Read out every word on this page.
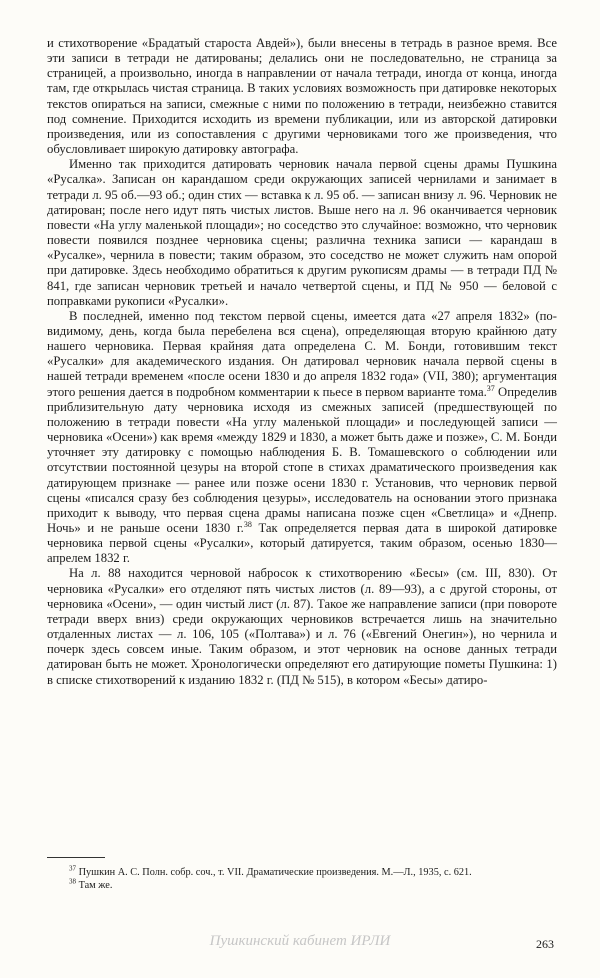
и стихотворение «Брадатый староста Авдей»), были внесены в тетрадь в разное время. Все эти записи в тетради не датированы; делались они не последовательно, не страница за страницей, а произвольно, иногда в направлении от начала тетради, иногда от конца, иногда там, где открылась чистая страница. В таких условиях возможность при датировке некоторых текстов опираться на записи, смежные с ними по положению в тетради, неизбежно ставится под сомнение. Приходится исходить из времени публикации, или из авторской датировки произведения, или из сопоставления с другими черновиками того же произведения, что обусловливает широкую датировку автографа.

Именно так приходится датировать черновик начала первой сцены драмы Пушкина «Русалка». Записан он карандашом среди окружающих записей чернилами и занимает в тетради л. 95 об.—93 об.; один стих — вставка к л. 95 об. — записан внизу л. 96. Черновик не датирован; после него идут пять чистых листов. Выше него на л. 96 оканчивается черновик повести «На углу маленькой площади»; но соседство это случайное: возможно, что черновик повести появился позднее черновика сцены; различна техника записи — карандаш в «Русалке», чернила в повести; таким образом, это соседство не может служить нам опорой при датировке. Здесь необходимо обратиться к другим рукописям драмы — в тетради ПД № 841, где записан черновик третьей и начало четвертой сцены, и ПД № 950 — беловой с поправками рукописи «Русалки».

В последней, именно под текстом первой сцены, имеется дата «27 апреля 1832» (по-видимому, день, когда была перебелена вся сцена), определяющая вторую крайнюю дату нашего черновика. Первая крайняя дата определена С. М. Бонди, готовившим текст «Русалки» для академического издания. Он датировал черновик начала первой сцены в нашей тетради временем «после осени 1830 и до апреля 1832 года» (VII, 380); аргументация этого решения дается в подробном комментарии к пьесе в первом варианте тома.$^{37}$ Определив приблизительную дату черновика исходя из смежных записей (предшествующей по положению в тетради повести «На углу маленькой площади» и последующей записи — черновика «Осени») как время «между 1829 и 1830, а может быть даже и позже», С. М. Бонди уточняет эту датировку с помощью наблюдения Б. В. Томашевского о соблюдении или отсутствии постоянной цезуры на второй стопе в стихах драматического произведения как датирующем признаке — ранее или позже осени 1830 г. Установив, что черновик первой сцены «писался сразу без соблюдения цезуры», исследователь на основании этого признака приходит к выводу, что первая сцена драмы написана позже сцен «Светлица» и «Днепр. Ночь» и не раньше осени 1830 г.$^{38}$ Так определяется первая дата в широкой датировке черновика первой сцены «Русалки», который датируется, таким образом, осенью 1830—апрелем 1832 г.

На л. 88 находится черновой набросок к стихотворению «Бесы» (см. III, 830). От черновика «Русалки» его отделяют пять чистых листов (л. 89—93), а с другой стороны, от черновика «Осени», — один чистый лист (л. 87). Такое же направление записи (при повороте тетради вверх вниз) среди окружающих черновиков встречается лишь на значительно отдаленных листах — л. 106, 105 («Полтава») и л. 76 («Евгений Онегин»), но чернила и почерк здесь совсем иные. Таким образом, и этот черновик на основе данных тетради датирован быть не может. Хронологически определяют его датирующие пометы Пушкина: 1) в списке стихотворений к изданию 1832 г. (ПД № 515), в котором «Бесы» датиро-

$^{37}$ Пушкин А. С. Полн. собр. соч., т. VII. Драматические произведения. М.—Л., 1935, с. 621.

$^{38}$ Там же.

Пушкинский кабинет ИРЛИ	263
